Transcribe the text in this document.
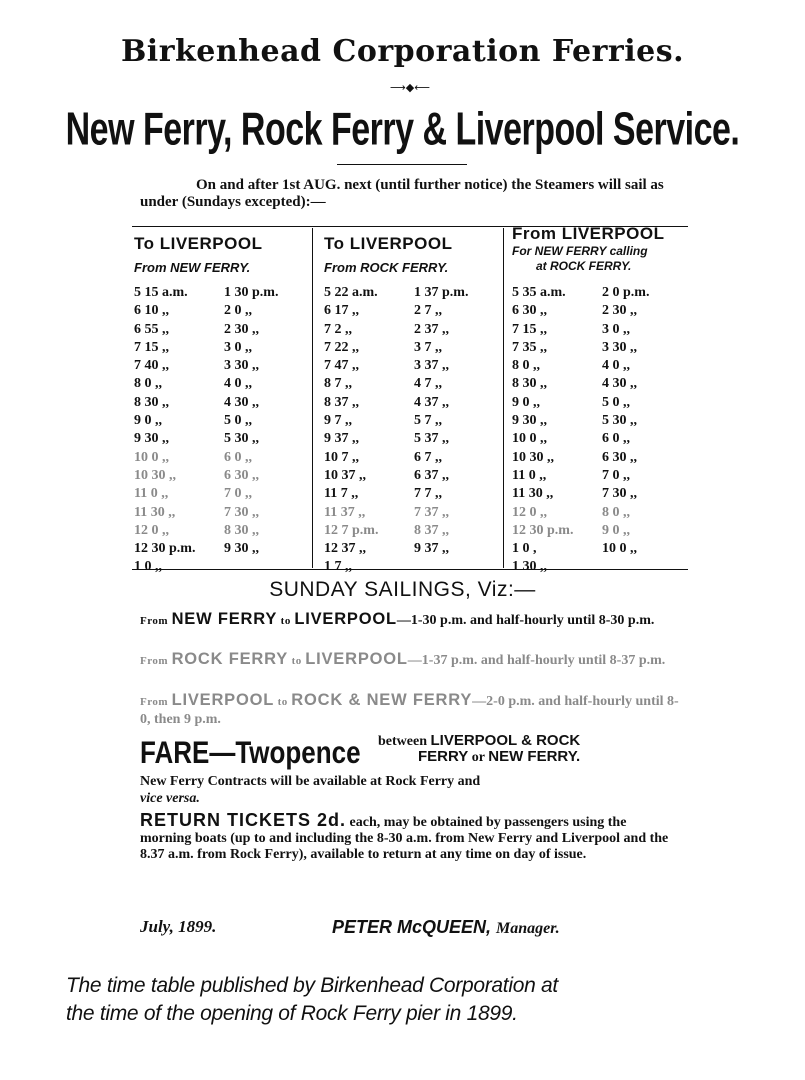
Birkenhead Corporation Ferries.
⟶◆⟵
New Ferry, Rock Ferry & Liverpool Service.
On and after 1st AUG. next (until further notice) the Steamers will sail as under (Sundays excepted):—
To LIVERPOOL
From NEW FERRY.
5 15 a.m.	1 30 p.m.
6 10 ,,	2 0 ,,
6 55 ,,	2 30 ,,
7 15 ,,	3 0 ,,
7 40 ,,	3 30 ,,
8 0 ,,	4 0 ,,
8 30 ,,	4 30 ,,
9 0 ,,	5 0 ,,
9 30 ,,	5 30 ,,
10 0 ,,	6 0 ,,
10 30 ,,	6 30 ,,
11 0 ,,	7 0 ,,
11 30 ,,	7 30 ,,
12 0 ,,	8 30 ,,
12 30 p.m.	9 30 ,,
1 0 ,,
To LIVERPOOL
From ROCK FERRY.
5 22 a.m.	1 37 p.m.
6 17 ,,	2 7 ,,
7 2 ,,	2 37 ,,
7 22 ,,	3 7 ,,
7 47 ,,	3 37 ,,
8 7 ,,	4 7 ,,
8 37 ,,	4 37 ,,
9 7 ,,	5 7 ,,
9 37 ,,	5 37 ,,
10 7 ,,	6 7 ,,
10 37 ,,	6 37 ,,
11 7 ,,	7 7 ,,
11 37 ,,	7 37 ,,
12 7 p.m.	8 37 ,,
12 37 ,,	9 37 ,,
1 7 ,,
From LIVERPOOL
For NEW FERRY calling
at ROCK FERRY.
5 35 a.m.	2 0 p.m.
6 30 ,,	2 30 ,,
7 15 ,,	3 0 ,,
7 35 ,,	3 30 ,,
8 0 ,,	4 0 ,,
8 30 ,,	4 30 ,,
9 0 ,,	5 0 ,,
9 30 ,,	5 30 ,,
10 0 ,,	6 0 ,,
10 30 ,,	6 30 ,,
11 0 ,,	7 0 ,,
11 30 ,,	7 30 ,,
12 0 ,,	8 0 ,,
12 30 p.m.	9 0 ,,
1 0 ,	10 0 ,,
1 30 ,,
SUNDAY SAILINGS, Viz:—
From NEW FERRY to LIVERPOOL—1-30 p.m. and half-hourly until 8-30 p.m.
From ROCK FERRY to LIVERPOOL—1-37 p.m. and half-hourly until 8-37 p.m.
From LIVERPOOL to ROCK & NEW FERRY—2-0 p.m. and half-hourly until 8-0, then 9 p.m.
FARE—Twopence between LIVERPOOL & ROCK
FERRY or NEW FERRY.
New Ferry Contracts will be available at Rock Ferry and
vice versa.
RETURN TICKETS 2d. each, may be obtained by passengers using the morning boats (up to and including the 8-30 a.m. from New Ferry and Liverpool and the 8.37 a.m. from Rock Ferry), available to return at any time on day of issue.
July, 1899.	PETER McQUEEN, Manager.
The time table published by Birkenhead Corporation at
the time of the opening of Rock Ferry pier in 1899.
